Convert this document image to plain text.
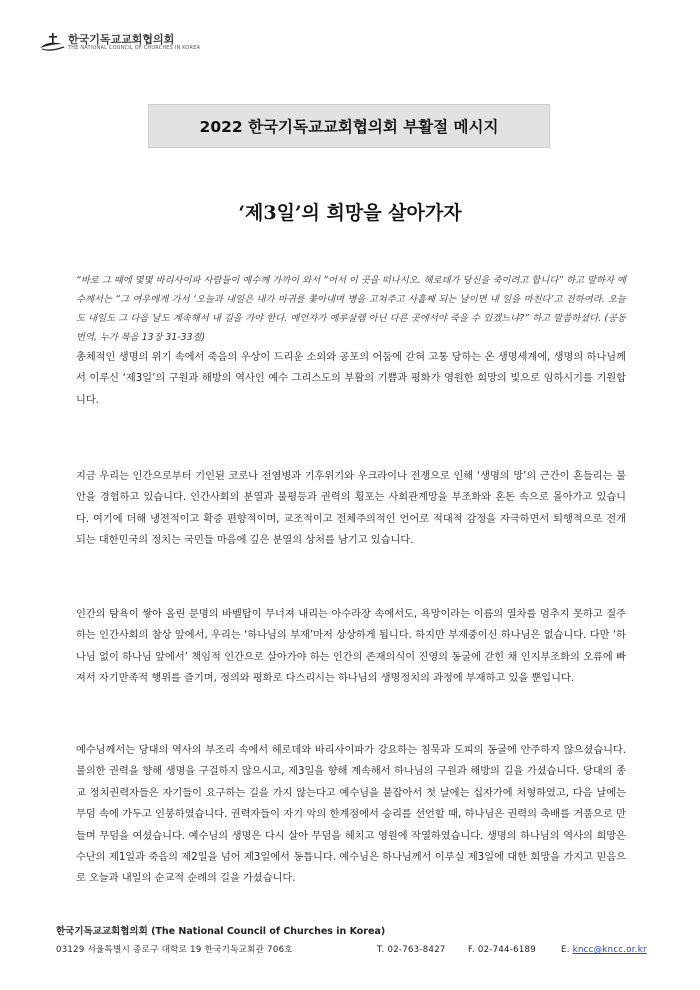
한국기독교교회협의회
THE NATIONAL COUNCIL OF CHURCHES IN KOREA
2022 한국기독교교회협의회 부활절 메시지
‘제3일’의 희망을 살아가자
“바로 그 때에 몇몇 바리사이파 사람들이 예수께 가까이 와서 “어서 이 곳을 떠나시오. 헤로데가 당신을 죽이려고 합니다” 하고 말하자 예수께서는 “그 여우에게 가서 ‘오늘과 내일은 내가 마귀를 쫓아내며 병을 고쳐주고 사흘째 되는 날이면 내 일을 마친다’고 전하여라. 오늘도 내일도 그 다음 날도 계속해서 내 길을 가야 한다. 예언자가 예루살렘 아닌 다른 곳에서야 죽을 수 있겠느냐?” 하고 말씀하셨다. (공동번역, 누가 복음 13장 31-33절)
총체적인 생명의 위기 속에서 죽음의 우상이 드리운 소외와 공포의 어둠에 갇혀 고통 당하는 온 생명세계에, 생명의 하나님께서 이루신 ‘제3일’의 구원과 해방의 역사인 예수 그리스도의 부활의 기쁨과 평화가 영원한 희망의 빛으로 임하시기를 기원합니다.
지금 우리는 인간으로부터 기인된 코로나 전염병과 기후위기와 우크라이나 전쟁으로 인해 ‘생명의 망’의 근간이 흔들리는 불안을 경험하고 있습니다. 인간사회의 분열과 불평등과 권력의 횡포는 사회관계망을 부조화와 혼돈 속으로 몰아가고 있습니다. 여기에 더해 냉전적이고 확증 편향적이며, 교조적이고 전체주의적인 언어로 적대적 감정을 자극하면서 퇴행적으로 전개되는 대한민국의 정치는 국민들 마음에 깊은 분열의 상처를 남기고 있습니다.
인간의 탐욕이 쌓아 올린 문명의 바벨탑이 무너져 내리는 아수라장 속에서도, 욕망이라는 이름의 열차를 멈추지 못하고 질주하는 인간사회의 참상 앞에서, 우리는 ‘하나님의 부재’마저 상상하게 됩니다. 하지만 부재중이신 하나님은 없습니다. 다만 ‘하나님 없이 하나님 앞에서’ 책임적 인간으로 살아가야 하는 인간의 존재의식이 진영의 동굴에 갇힌 채 인지부조화의 오류에 빠져서 자기만족적 행위를 즐기며, 정의와 평화로 다스리시는 하나님의 생명정치의 과정에 부재하고 있을 뿐입니다.
예수님께서는 당대의 역사의 부조리 속에서 헤로데와 바리사이파가 강요하는 침묵과 도피의 동굴에 안주하지 않으셨습니다. 불의한 권력을 향해 생명을 구걸하지 않으시고, 제3일을 향해 계속해서 하나님의 구원과 해방의 길을 가셨습니다. 당대의 종교 정치권력자들은 자기들이 요구하는 길을 가지 않는다고 예수님을 붙잡아서 첫 날에는 십자가에 처형하였고, 다음 날에는 무덤 속에 가두고 인봉하였습니다. 권력자들이 자기 악의 한계점에서 승리를 선언할 때, 하나님은 권력의 축배를 거품으로 만들며 무덤을 여셨습니다. 예수님의 생명은 다시 살아 무덤을 헤치고 영원에 작열하였습니다. 생명의 하나님의 역사의 희망은 수난의 제1일과 죽음의 제2일을 넘어 제3일에서 동틉니다. 예수님은 하나님께서 이루실 제3일에 대한 희망을 가지고 믿음으로 오늘과 내일의 순교적 순례의 길을 가셨습니다.
한국기독교교회협의회 (The National Council of Churches in Korea)
03129 서울특별시 종로구 대학로 19 한국기독교회관 706호	T. 02-763-8427	F. 02-744-6189	E. kncc@kncc.or.kr
